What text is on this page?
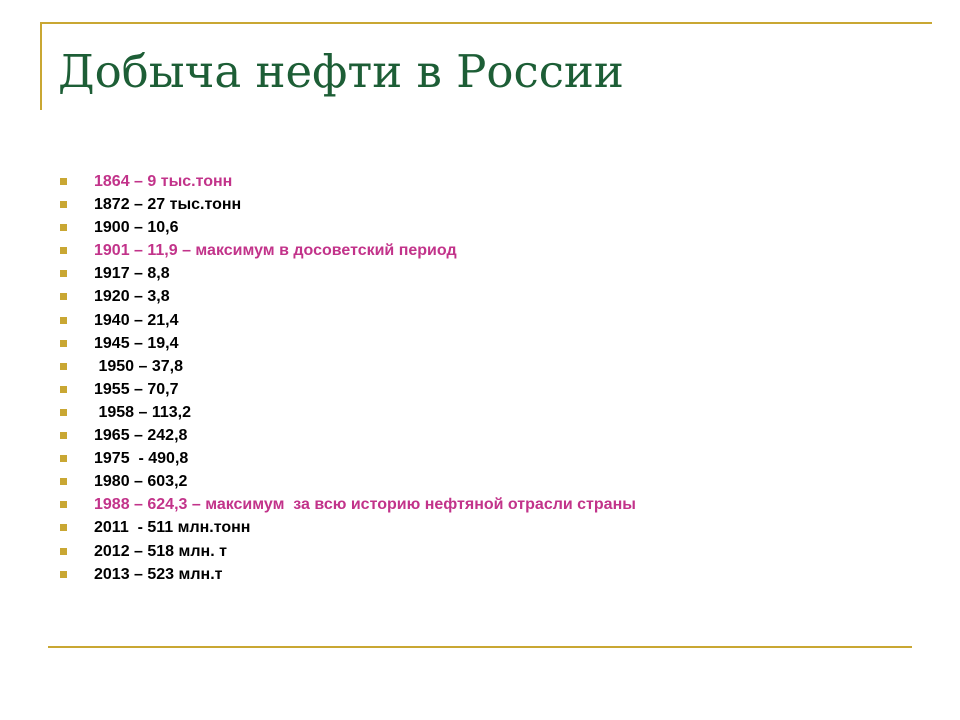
Добыча нефти в России
1864 – 9 тыс.тонн
1872 – 27 тыс.тонн
1900 – 10,6
1901 – 11,9 – максимум в досоветский период
1917 – 8,8
1920 – 3,8
1940 – 21,4
1945 – 19,4
1950 – 37,8
1955 – 70,7
1958 – 113,2
1965 – 242,8
1975  - 490,8
1980 – 603,2
1988 – 624,3 – максимум  за всю историю нефтяной отрасли страны
2011  - 511 млн.тонн
2012 – 518 млн. т
2013 – 523 млн.т
